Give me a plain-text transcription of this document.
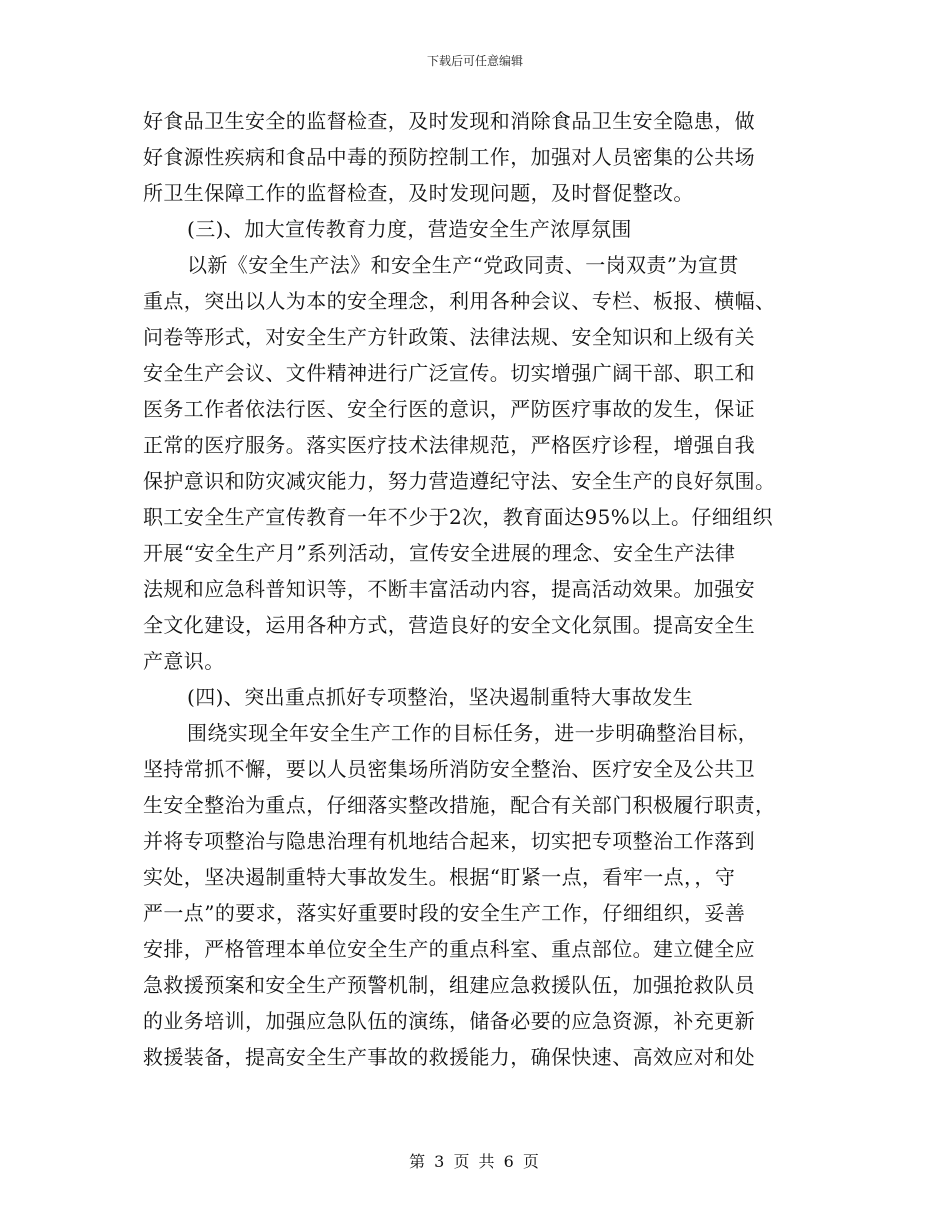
下载后可任意编辑
好食品卫生安全的监督检查，及时发现和消除食品卫生安全隐患，做
好食源性疾病和食品中毒的预防控制工作，加强对人员密集的公共场
所卫生保障工作的监督检查，及时发现问题，及时督促整改。
(三)、加大宣传教育力度，营造安全生产浓厚氛围
以新《安全生产法》和安全生产“党政同责、一岗双责”为宣贯
重点，突出以人为本的安全理念，利用各种会议、专栏、板报、横幅、
问卷等形式，对安全生产方针政策、法律法规、安全知识和上级有关
安全生产会议、文件精神进行广泛宣传。切实增强广阔干部、职工和
医务工作者依法行医、安全行医的意识，严防医疗事故的发生，保证
正常的医疗服务。落实医疗技术法律规范，严格医疗诊程，增强自我
保护意识和防灾减灾能力，努力营造遵纪守法、安全生产的良好氛围。
职工安全生产宣传教育一年不少于2次，教育面达95%以上。仔细组织
开展“安全生产月”系列活动，宣传安全进展的理念、安全生产法律
法规和应急科普知识等，不断丰富活动内容，提高活动效果。加强安
全文化建设，运用各种方式，营造良好的安全文化氛围。提高安全生
产意识。
(四)、突出重点抓好专项整治，坚决遏制重特大事故发生
围绕实现全年安全生产工作的目标任务，进一步明确整治目标，
坚持常抓不懈，要以人员密集场所消防安全整治、医疗安全及公共卫
生安全整治为重点，仔细落实整改措施，配合有关部门积极履行职责，
并将专项整治与隐患治理有机地结合起来，切实把专项整治工作落到
实处，坚决遏制重特大事故发生。根据“盯紧一点，看牢一点，，守
严一点”的要求，落实好重要时段的安全生产工作，仔细组织，妥善
安排，严格管理本单位安全生产的重点科室、重点部位。建立健全应
急救援预案和安全生产预警机制，组建应急救援队伍，加强抢救队员
的业务培训，加强应急队伍的演练，储备必要的应急资源，补充更新
救援装备，提高安全生产事故的救援能力，确保快速、高效应对和处
第 3 页 共 6 页
